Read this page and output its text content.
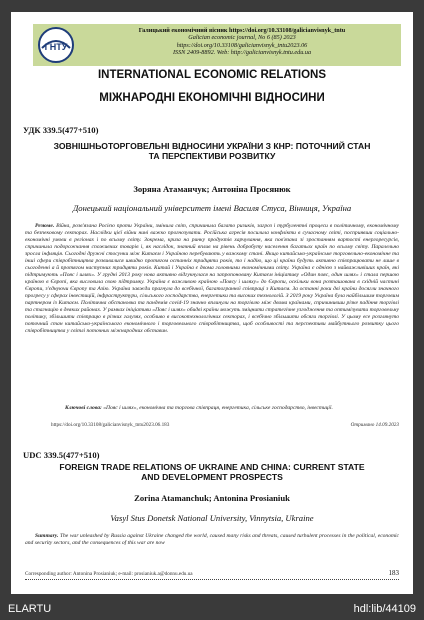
ГНТУ
Галицький економічний вісник https://doi.org/10.33108/galicianvisnyk_tntu
Galician economic journal, No 6 (85) 2023
https://doi.org/10.33108/galicianvisnyk_tntu2023.06
ISSN 2409-8892. Web: http://galicianvisnyk.tntu.edu.ua
INTERNATIONAL ECONOMIC RELATIONS
МІЖНАРОДНІ ЕКОНОМІЧНІ ВІДНОСИНИ
УДК 339.5(477+510)
ЗОВНІШНЬОТОРГОВЕЛЬНІ ВІДНОСИНИ УКРАЇНИ З КНР: ПОТОЧНИЙ СТАН ТА ПЕРСПЕКТИВИ РОЗВИТКУ
Зоряна Атаманчук; Антоніна Просянюк
Донецький національний університет імені Василя Стуса, Вінниця, Україна
Резюме. Війна, розв'язана Росією проти України, змінила світ, спричинила багато ризиків, загроз і турбулентні процеси в політичному, економічному та безпековому секторах. Наслідки цієї війни нині важко прогнозувати. Російська агресія посилила конфлікти в сучасному світі, посприявши соціально-економічні умови в регіонах і по всьому світу. Зокрема, криза на ринку продуктів харчування, яка пов'язана зі зростанням вартості енергоресурсів, спричинила подорожчання споживчих товарів і, як наслідок, значний вплив на рівень добробуту населення багатьох країн по всьому світу. Паралельно зросла інфляція. Сьогодні дружні стосунки між Китаєм і Україною перебувають у важкому стані. Якщо китайсько-українське торговельно-економічне та інші сфери співробітництва розвивалися швидко протягом останніх тридцяти років, то і надію, що ці країни будуть активно співпрацювати не лише в сьогоденні а й протягом наступних тридцяти років. Китай і Україна є двома головними економічними світу. Україна є однією з найважливіших країн, які підтримують «Пояс і шлях». У грудні 2013 року нова активно відгукнулася на запропоновану Китаєм ініціативу «Один пояс, один шлях» і стала першою країною в Європі, яка висловила свою підтримку. Україна є важливою країною «Поясу і шляху» до Європи, оскільки вона розташована в східній частині Європи, з'єднуючи Європу та Азію. Україна завжди прагнула до всебічної, багатогранної співпраці з Китаєм. За останні роки дві країни досягли значного прогресу у сферах інвестицій, інфраструктури, сільського господарства, енергетики та високих технологій. З 2019 року Україна була найбільшим торговим партнером із Китаєм. Політична обстановка та пандемія covid-19 значно вплинули на торгівлю між двома країнами, спричинивши різке падіння торгівлі та стагнацію в деяких районах. У рамках ініціативи «Пояс і шлях» обидві країни можуть зміцнити стратегічне узгодження та оптимізувати торговельну політику, збільшити співпрацю в різних галузях, особливо в високотехнологічних секторах, і всебічно збільшити обсяги торгівлі. У цьому есе розглянуто поточний стан китайсько-українського економічного і торговельного співробітництва, щоб особливості та перспективи майбутнього розвитку цього співробітництва у світлі поточних міжнародних обставин.
Ключові слова: «Пояс і шлях», економічна та торгова співпраця, енергетика, сільське господарство, інвестиції.
https://doi.org/10.33108/galicianvisnyk_tntu2023.06.183	Отримано 14.09.2023
UDC 339.5(477+510)
FOREIGN TRADE RELATIONS OF UKRAINE AND CHINA: CURRENT STATE AND DEVELOPMENT PROSPECTS
Zorina Atamanchuk; Antonina Prosianiuk
Vasyl Stus Donetsk National University, Vinnytsia, Ukraine
Summary. The war unleashed by Russia against Ukraine changed the world, caused many risks and threats, caused turbulent processes in the political, economic and security sectors, and the consequences of this war are now
Corresponding author: Antonina Prosianiuk; e-mail: prosianiuk.a@donnu.edu.ua	183
ELARTU	hdl:lib/44109
